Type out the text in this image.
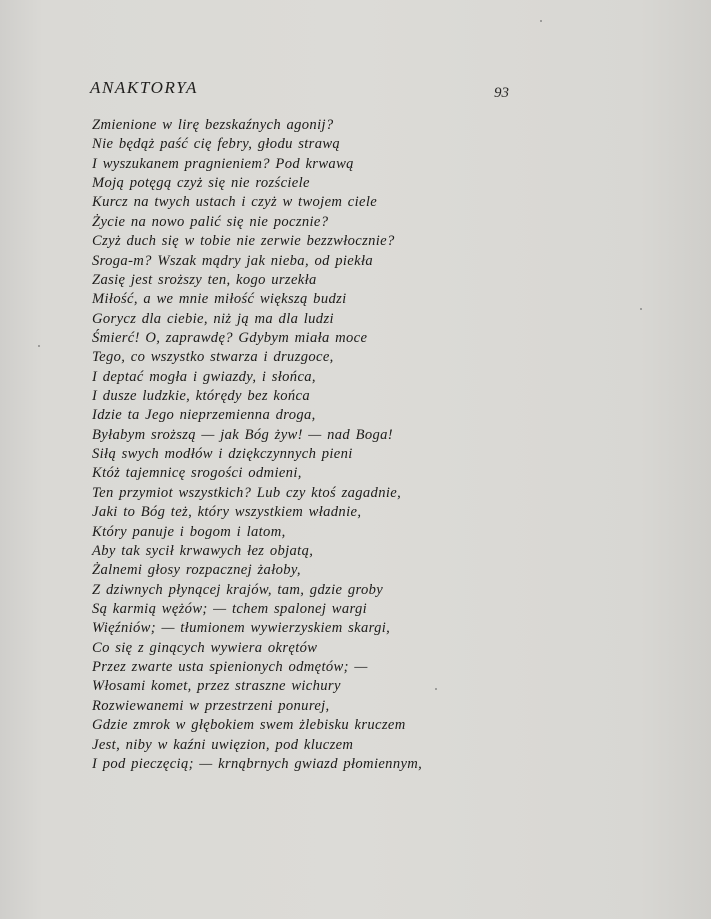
ANAKTORYA	93
Zmienione w lirę bezskaźnych agonij?
Nie będąż paść cię febry, głodu strawą
I wyszukanem pragnieniem? Pod krwawą
Moją potęgą czyż się nie rozściele
Kurcz na twych ustach i czyż w twojem ciele
Życie na nowo palić się nie pocznie?
Czyż duch się w tobie nie zerwie bezzwłocznie?
Sroga-m? Wszak mądry jak nieba, od piekła
Zasię jest sroższy ten, kogo urzekła
Miłość, a we mnie miłość większą budzi
Gorycz dla ciebie, niż ją ma dla ludzi
Śmierć! O, zaprawdę? Gdybym miała moce
Tego, co wszystko stwarza i druzgoce,
I deptać mogła i gwiazdy, i słońca,
I dusze ludzkie, którędy bez końca
Idzie ta Jego nieprzemienna droga,
Byłabym sroższą — jak Bóg żyw! — nad Boga!
Siłą swych modłów i dziękczynnych pieni
Któż tajemnicę srogości odmieni,
Ten przymiot wszystkich? Lub czy ktoś zagadnie,
Jaki to Bóg też, który wszystkiem władnie,
Który panuje i bogom i latom,
Aby tak sycił krwawych łez objatą,
Żalnemi głosy rozpacznej żałoby,
Z dziwnych płynącej krajów, tam, gdzie groby
Są karmią wężów; — tchem spalonej wargi
Więźniów; — tłumionem wywierzyskiem skargi,
Co się z ginących wywiera okrętów
Przez zwarte usta spienionych odmętów; —
Włosami komet, przez straszne wichury
Rozwiewanemi w przestrzeni ponurej,
Gdzie zmrok w głębokiem swem żlebisku kruczem
Jest, niby w kaźni uwięzion, pod kluczem
I pod pieczęcią; — krnąbrnych gwiazd płomiennym,
